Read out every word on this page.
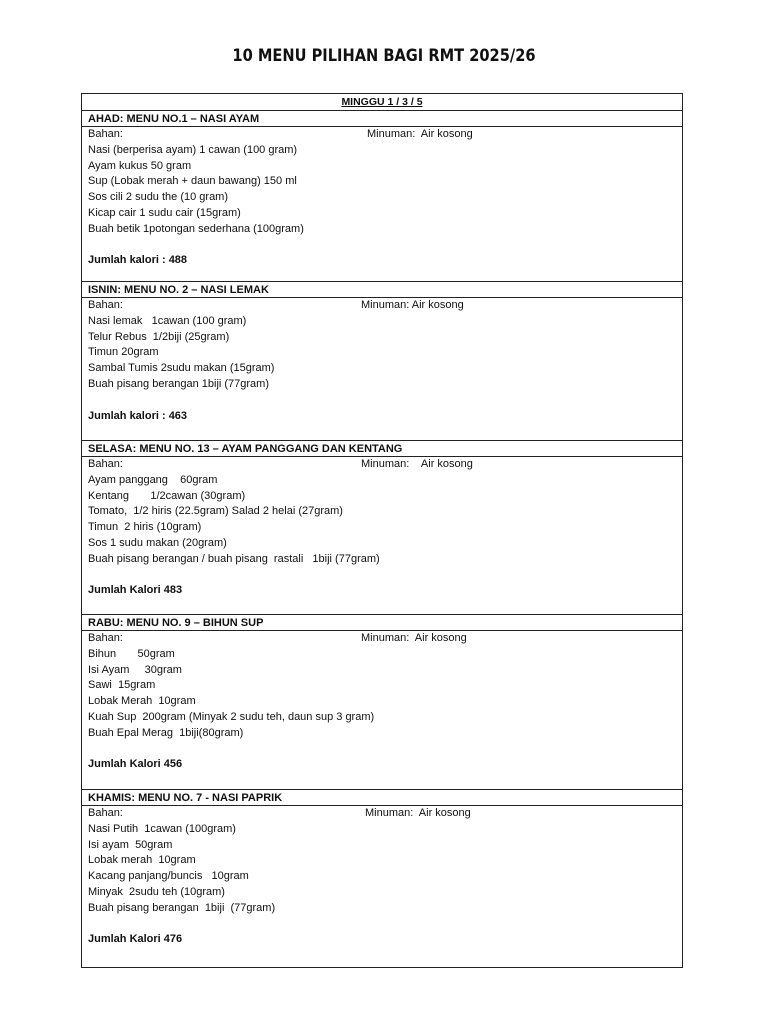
10 MENU PILIHAN BAGI RMT 2025/26
MINGGU 1 / 3 / 5
AHAD: MENU NO.1 – NASI AYAM
Bahan:	Minuman:  Air kosong
Nasi (berperisa ayam) 1 cawan (100 gram)
Ayam kukus 50 gram
Sup (Lobak merah + daun bawang) 150 ml
Sos cili 2 sudu the (10 gram)
Kicap cair 1 sudu cair (15gram)
Buah betik 1potongan sederhana (100gram)
Jumlah kalori : 488
ISNIN: MENU NO. 2 – NASI LEMAK
Bahan:	Minuman: Air kosong
Nasi lemak   1cawan (100 gram)
Telur Rebus  1/2biji (25gram)
Timun 20gram
Sambal Tumis 2sudu makan (15gram)
Buah pisang berangan 1biji (77gram)
Jumlah kalori : 463
SELASA: MENU NO. 13 – AYAM PANGGANG DAN KENTANG
Bahan:	Minuman:    Air kosong
Ayam panggang    60gram
Kentang       1/2cawan (30gram)
Tomato,  1/2 hiris (22.5gram) Salad 2 helai (27gram)
Timun  2 hiris (10gram)
Sos 1 sudu makan (20gram)
Buah pisang berangan / buah pisang  rastali   1biji (77gram)
Jumlah Kalori 483
RABU: MENU NO. 9 – BIHUN SUP
Bahan:	Minuman:  Air kosong
Bihun       50gram
Isi Ayam     30gram
Sawi  15gram
Lobak Merah  10gram
Kuah Sup  200gram (Minyak 2 sudu teh, daun sup 3 gram)
Buah Epal Merag  1biji(80gram)
Jumlah Kalori 456
KHAMIS: MENU NO. 7 - NASI PAPRIK
Bahan:	Minuman:  Air kosong
Nasi Putih  1cawan (100gram)
Isi ayam  50gram
Lobak merah  10gram
Kacang panjang/buncis   10gram
Minyak  2sudu teh (10gram)
Buah pisang berangan  1biji  (77gram)
Jumlah Kalori 476
